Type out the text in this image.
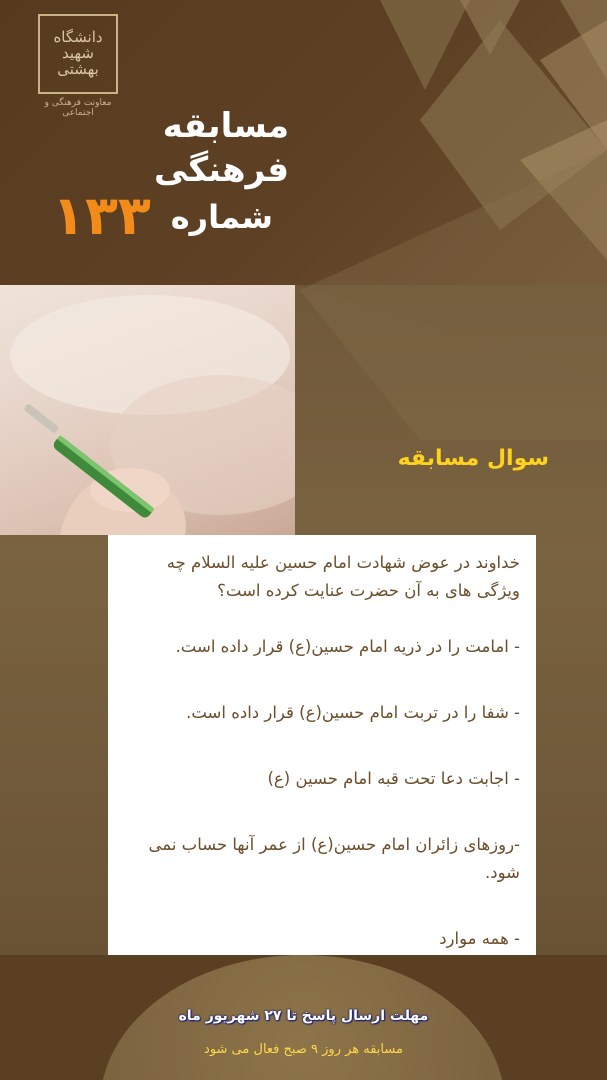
دانشگاه شهید بهشتی
معاونت فرهنگی و اجتماعی	مسابقه
فرهنگی
شماره
۱۳۳
سوال مسابقه

خداوند در عوض شهادت امام حسین علیه السلام چه ویژگی های به آن حضرت عنایت کرده است؟

- امامت را در ذریه امام حسین(ع) قرار داده است.

- شفا را در تربت امام حسین(ع) قرار داده است.

- اجابت دعا تحت قبه امام حسین (ع)

-روزهای زائران امام حسین(ع) از عمر آنها حساب نمی شود.

- همه موارد

مهلت ارسال پاسخ تا ۲۷ شهریور ماه
مسابقه هر روز ۹ صبح فعال می شود
